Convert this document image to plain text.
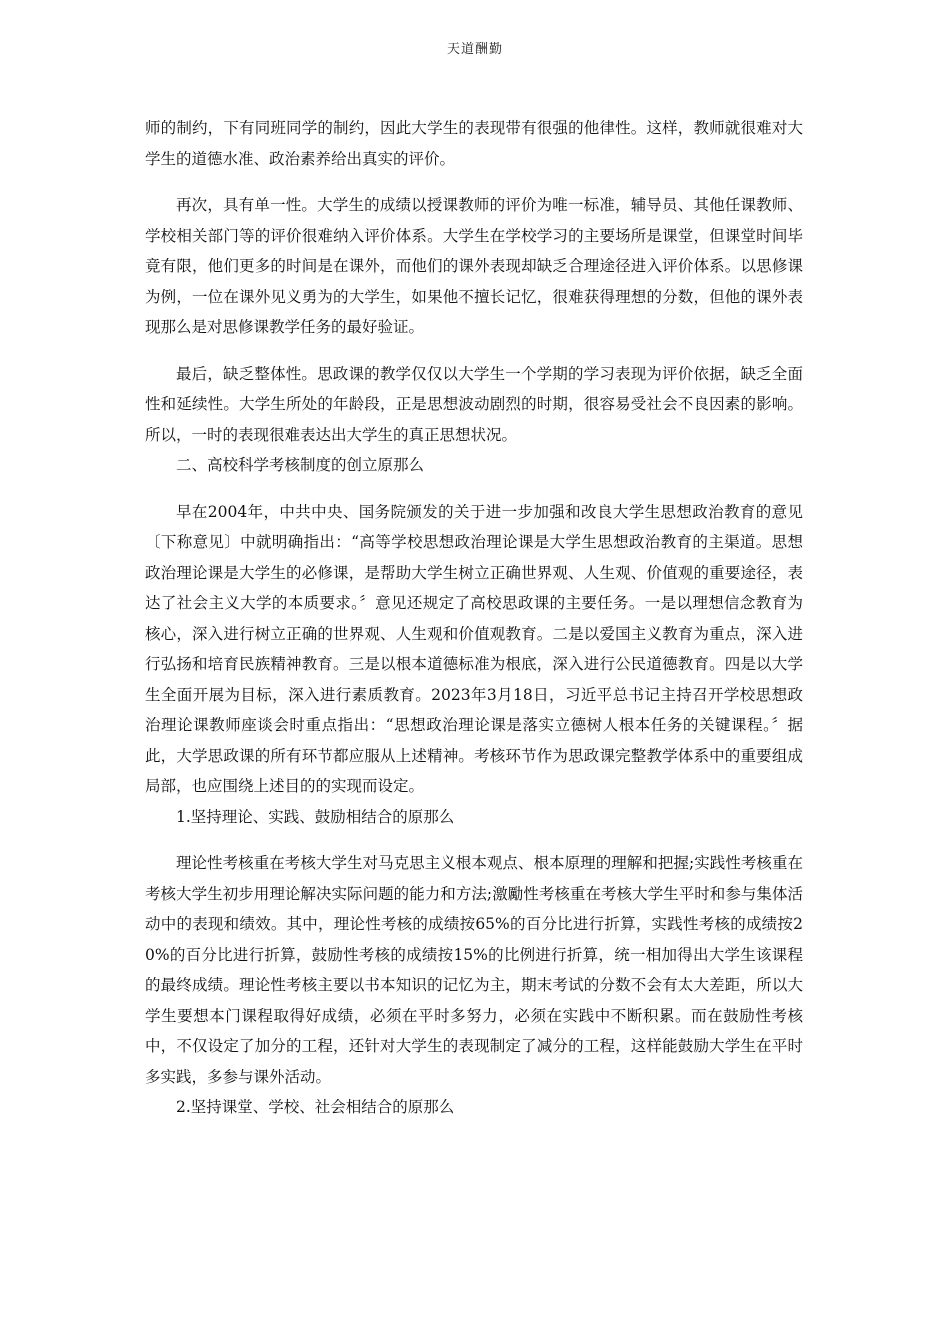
天道酬勤

师的制约，下有同班同学的制约，因此大学生的表现带有很强的他律性。这样，教师就很难对大学生的道德水准、政治素养给出真实的评价。

再次，具有单一性。大学生的成绩以授课教师的评价为唯一标准，辅导员、其他任课教师、学校相关部门等的评价很难纳入评价体系。大学生在学校学习的主要场所是课堂，但课堂时间毕竟有限，他们更多的时间是在课外，而他们的课外表现却缺乏合理途径进入评价体系。以思修课为例，一位在课外见义勇为的大学生，如果他不擅长记忆，很难获得理想的分数，但他的课外表现那么是对思修课教学任务的最好验证。

最后，缺乏整体性。思政课的教学仅仅以大学生一个学期的学习表现为评价依据，缺乏全面性和延续性。大学生所处的年龄段，正是思想波动剧烈的时期，很容易受社会不良因素的影响。所以，一时的表现很难表达出大学生的真正思想状况。

二、高校科学考核制度的创立原那么

早在2004年，中共中央、国务院颁发的关于进一步加强和改良大学生思想政治教育的意见〔下称意见〕中就明确指出：“高等学校思想政治理论课是大学生思想政治教育的主渠道。思想政治理论课是大学生的必修课，是帮助大学生树立正确世界观、人生观、价值观的重要途径，表达了社会主义大学的本质要求。〞意见还规定了高校思政课的主要任务。一是以理想信念教育为核心，深入进行树立正确的世界观、人生观和价值观教育。二是以爱国主义教育为重点，深入进行弘扬和培育民族精神教育。三是以根本道德标准为根底，深入进行公民道德教育。四是以大学生全面开展为目标，深入进行素质教育。2023年3月18日，习近平总书记主持召开学校思想政治理论课教师座谈会时重点指出：“思想政治理论课是落实立德树人根本任务的关键课程。〞据此，大学思政课的所有环节都应服从上述精神。考核环节作为思政课完整教学体系中的重要组成局部，也应围绕上述目的的实现而设定。

1.坚持理论、实践、鼓励相结合的原那么

理论性考核重在考核大学生对马克思主义根本观点、根本原理的理解和把握;实践性考核重在考核大学生初步用理论解决实际问题的能力和方法;激勵性考核重在考核大学生平时和参与集体活动中的表现和绩效。其中，理论性考核的成绩按65%的百分比进行折算，实践性考核的成绩按20%的百分比进行折算，鼓励性考核的成绩按15%的比例进行折算，统一相加得出大学生该课程的最终成绩。理论性考核主要以书本知识的记忆为主，期末考试的分数不会有太大差距，所以大学生要想本门课程取得好成绩，必须在平时多努力，必须在实践中不断积累。而在鼓励性考核中，不仅设定了加分的工程，还针对大学生的表现制定了减分的工程，这样能鼓励大学生在平时多实践，多参与课外活动。

2.坚持课堂、学校、社会相结合的原那么
